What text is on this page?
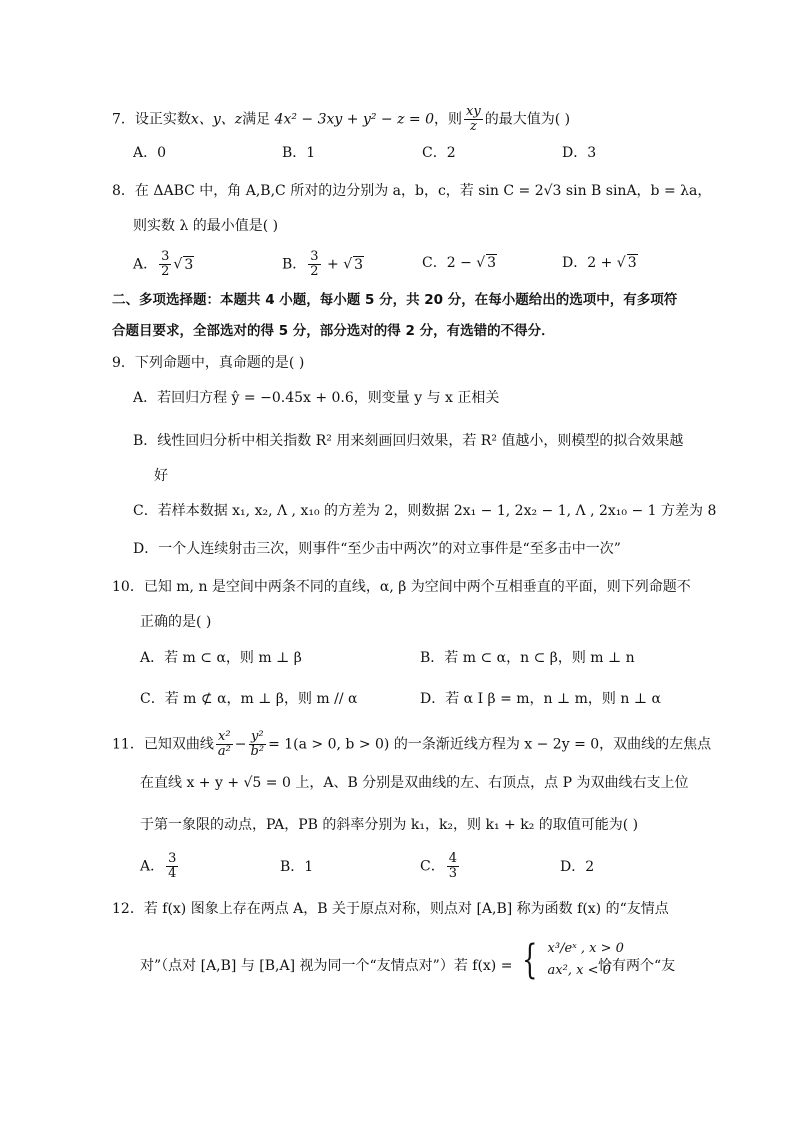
7．设正实数x、y、z满足 4x² − 3xy + y² − z = 0，则 $\frac{xy}{z}$ 的最大值为( )
A．0	B．1	C．2	D．3
8．在 ΔABC 中，角 A,B,C 所对的边分别为 a，b，c，若 sin C = 2√3 sin B sinA，b = λa，
则实数 λ 的最小值是( )
A． $\frac{3}{2}$ √ 3	B． $\frac{3}{2}$ + √ 3	C．2 − √ 3	D．2 + √ 3
二、多项选择题：本题共 4 小题，每小题 5 分，共 20 分，在每小题给出的选项中，有多项符
合题目要求，全部选对的得 5 分，部分选对的得 2 分，有选错的不得分．
9．下列命题中，真命题的是( )
A．若回归方程 ŷ = −0.45x + 0.6，则变量 y 与 x 正相关
B．线性回归分析中相关指数 R² 用来刻画回归效果，若 R² 值越小，则模型的拟合效果越
好
C．若样本数据 x₁, x₂, Λ , x₁₀ 的方差为 2，则数据 2x₁ − 1, 2x₂ − 1, Λ , 2x₁₀ − 1 方差为 8
D．一个人连续射击三次，则事件“至少击中两次”的对立事件是“至多击中一次”
10．已知 m, n 是空间中两条不同的直线，α, β 为空间中两个互相垂直的平面，则下列命题不
正确的是( )
A．若 m ⊂ α，则 m ⊥ β	B．若 m ⊂ α，n ⊂ β，则 m ⊥ n
C．若 m ⊄ α，m ⊥ β，则 m // α	D．若 α I β = m，n ⊥ m，则 n ⊥ α
11．已知双曲线 $\frac{\text{x²}}{\text{a²}} - \frac{\text{y²}}{\text{b²}} = 1(a > 0$, b > 0) 的一条渐近线方程为 x − 2y = 0，双曲线的左焦点
在直线 x + y + √5 = 0 上，A、B 分别是双曲线的左、右顶点，点 P 为双曲线右支上位
于第一象限的动点，PA，PB 的斜率分别为 k₁，k₂，则 k₁ + k₂ 的取值可能为( )
A． $\frac{3}{4}$	B．1	C． $\frac{4}{3}$	D．2
12．若 f(x) 图象上存在两点 A，B 关于原点对称，则点对 [A,B] 称为函数 f(x) 的“友情点
对”（点对 [A,B] 与 [B,A] 视为同一个“友情点对”）若 f(x) = { x³/eˣ , x > 0
ax², x < 0
恰有两个“友
